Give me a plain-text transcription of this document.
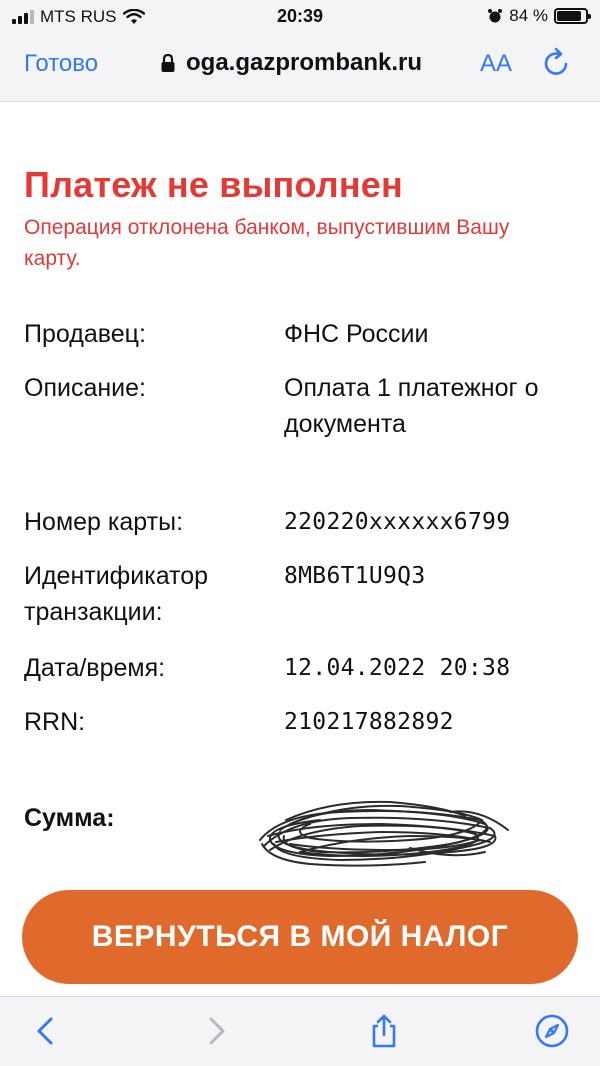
MTS RUS	20:39	84 %
Готово	oga.gazprombank.ru AA
Платеж не выполнен
Операция отклонена банком, выпустившим Вашу карту.
Продавец:	ФНС России
Описание:	Оплата 1 платежног о документа
Номер карты:	220220xxxxxx6799
Идентификатор транзакции:
8MB6T1U9Q3
Дата/время:	12.04.2022 20:38
RRN:	210217882892
Сумма:
ВЕРНУТЬСЯ В МОЙ НАЛОГ
